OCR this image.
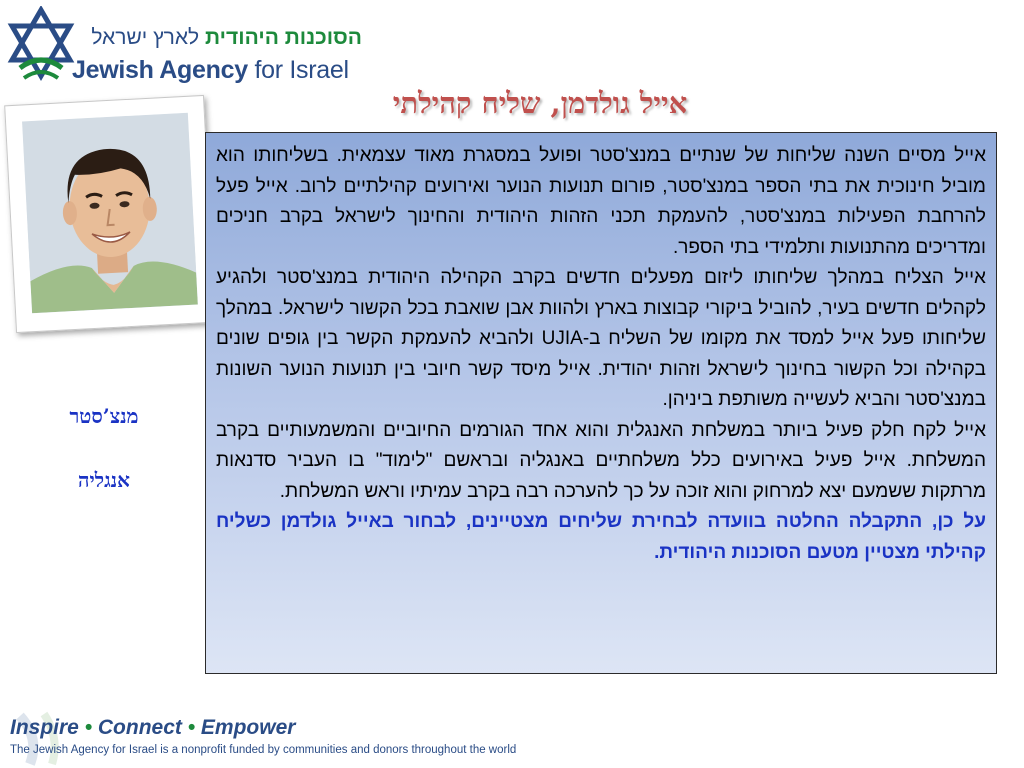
הסוכנות היהודית לארץ ישראל
Jewish Agency for Israel
אייל גולדמן, שליח קהילתי
מנצ’סטר
אנגליה

אייל מסיים השנה שליחות של שנתיים במנצ'סטר ופועל במסגרת מאוד עצמאית. בשליחותו הוא מוביל חינוכית את בתי הספר במנצ'סטר, פורום תנועות הנוער ואירועים קהילתיים לרוב. אייל פעל להרחבת הפעילות במנצ'סטר, להעמקת תכני הזהות היהודית והחינוך לישראל בקרב חניכים ומדריכים מהתנועות ותלמידי בתי הספר.

אייל הצליח במהלך שליחותו ליזום מפעלים חדשים בקרב הקהילה היהודית במנצ'סטר ולהגיע לקהלים חדשים בעיר, להוביל ביקורי קבוצות בארץ ולהוות אבן שואבת בכל הקשור לישראל. במהלך שליחותו פעל אייל למסד את מקומו של השליח ב-UJIA ולהביא להעמקת הקשר בין גופים שונים בקהילה וכל הקשור בחינוך לישראל וזהות יהודית. אייל מיסד קשר חיובי בין תנועות הנוער השונות במנצ'סטר והביא לעשייה משותפת ביניהן.

אייל לקח חלק פעיל ביותר במשלחת האנגלית והוא אחד הגורמים החיוביים והמשמעותיים בקרב המשלחת. אייל פעיל באירועים כלל משלחתיים באנגליה ובראשם "לימוד" בו העביר סדנאות מרתקות ששמעם יצא למרחוק והוא זוכה על כך להערכה רבה בקרב עמיתיו וראש המשלחת.

על כן, התקבלה החלטה בוועדה לבחירת שליחים מצטיינים, לבחור באייל גולדמן כשליח קהילתי מצטיין מטעם הסוכנות היהודית.

Inspire • Connect • Empower
The Jewish Agency for Israel is a nonprofit funded by communities and donors throughout the world
